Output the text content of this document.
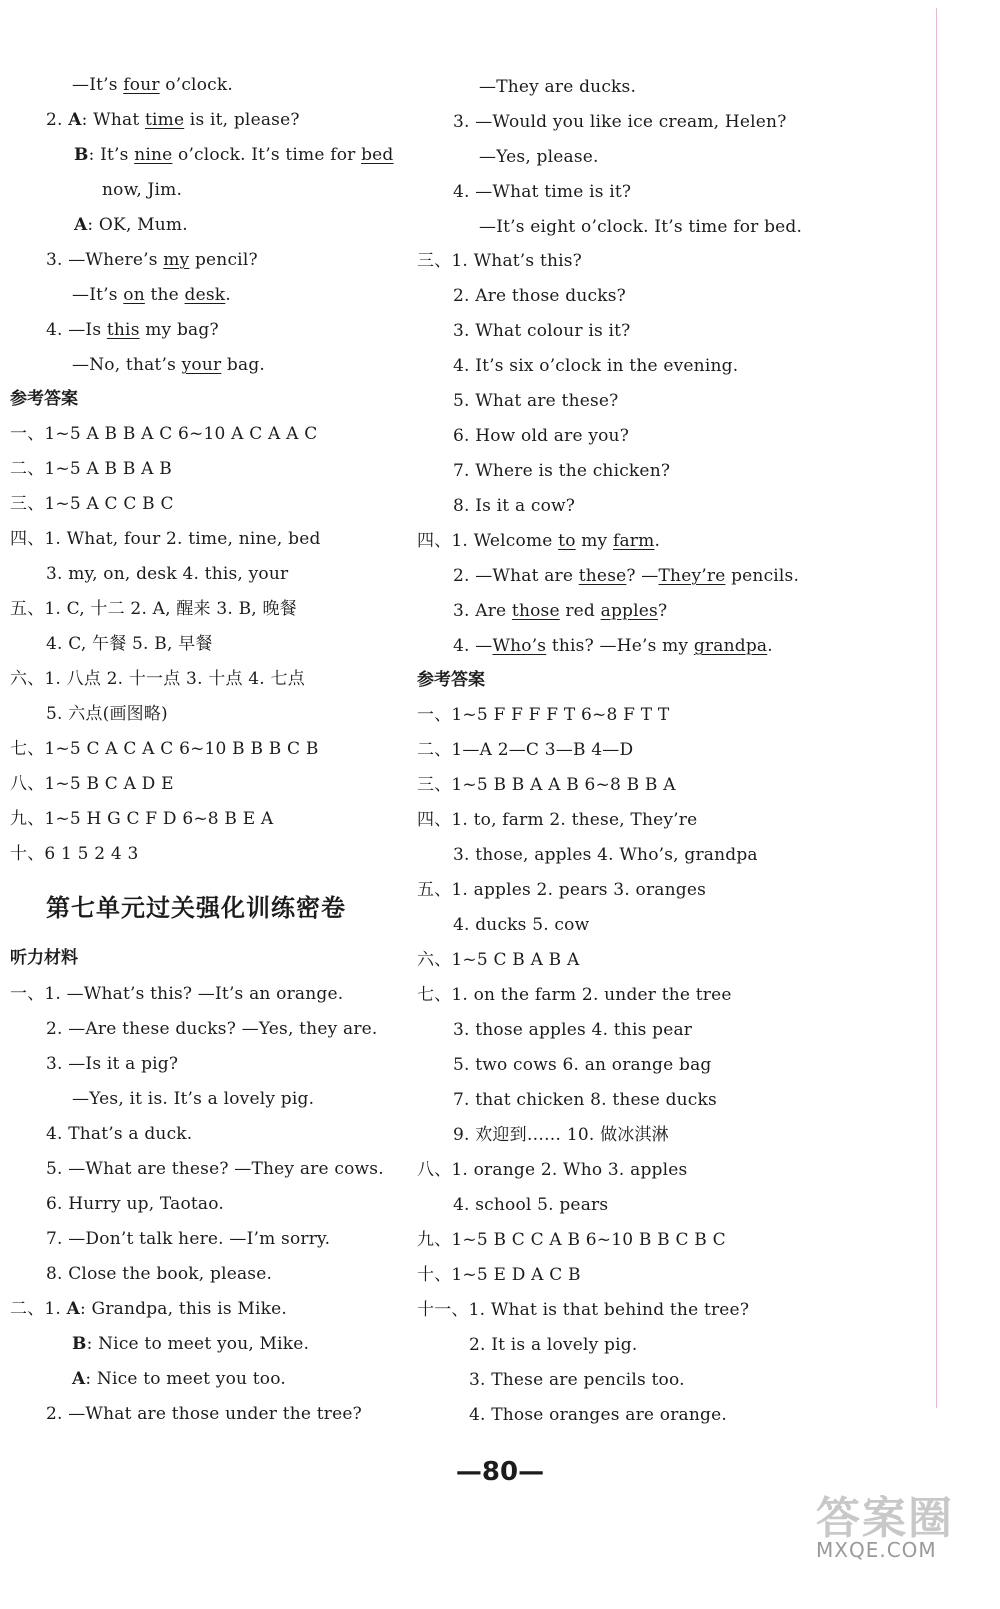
—It’s four o’clock.
2. A: What time is it, please?
B: It’s nine o’clock. It’s time for bed
now, Jim.
A: OK, Mum.
3. —Where’s my pencil?
—It’s on the desk.
4. —Is this my bag?
—No, that’s your bag.
一、1~5 A B B A C 6~10 A C A A C
二、1~5 A B B A B
三、1~5 A C C B C
四、1. What, four 2. time, nine, bed
3. my, on, desk 4. this, your
五、1. C, 十二 2. A, 醒来 3. B, 晚餐
4. C, 午餐 5. B, 早餐
六、1. 八点 2. 十一点 3. 十点 4. 七点
5. 六点(画图略)
七、1~5 C A C A C 6~10 B B B C B
八、1~5 B C A D E
九、1~5 H G C F D 6~8 B E A
十、6 1 5 2 4 3
一、1. —What’s this? —It’s an orange.
2. —Are these ducks? —Yes, they are.
3. —Is it a pig?
—Yes, it is. It’s a lovely pig.
4. That’s a duck.
5. —What are these? —They are cows.
6. Hurry up, Taotao.
7. —Don’t talk here. —I’m sorry.
8. Close the book, please.
二、1. A: Grandpa, this is Mike.
B: Nice to meet you, Mike.
A: Nice to meet you too.
2. —What are those under the tree?
参考答案
听力材料
—They are ducks.
3. —Would you like ice cream, Helen?
—Yes, please.
4. —What time is it?
—It’s eight o’clock. It’s time for bed.
三、1. What’s this?
2. Are those ducks?
3. What colour is it?
4. It’s six o’clock in the evening.
5. What are these?
6. How old are you?
7. Where is the chicken?
8. Is it a cow?
四、1. Welcome to my farm.
2. —What are these? —They’re pencils.
3. Are those red apples?
4. —Who’s this? —He’s my grandpa.
一、1~5 F F F F T 6~8 F T T
二、1—A 2—C 3—B 4—D
三、1~5 B B A A B 6~8 B B A
四、1. to, farm 2. these, They’re
3. those, apples 4. Who’s, grandpa
五、1. apples 2. pears 3. oranges
4. ducks 5. cow
六、1~5 C B A B A
七、1. on the farm 2. under the tree
3. those apples 4. this pear
5. two cows 6. an orange bag
7. that chicken 8. these ducks
9. 欢迎到…… 10. 做冰淇淋
八、1. orange 2. Who 3. apples
4. school 5. pears
九、1~5 B C C A B 6~10 B B C B C
十、1~5 E D A C B
十一、1. What is that behind the tree?
2. It is a lovely pig.
3. These are pencils too.
4. Those oranges are orange.
参考答案
第七单元过关强化训练密卷
—80—
答案圈
MXQE.COM
